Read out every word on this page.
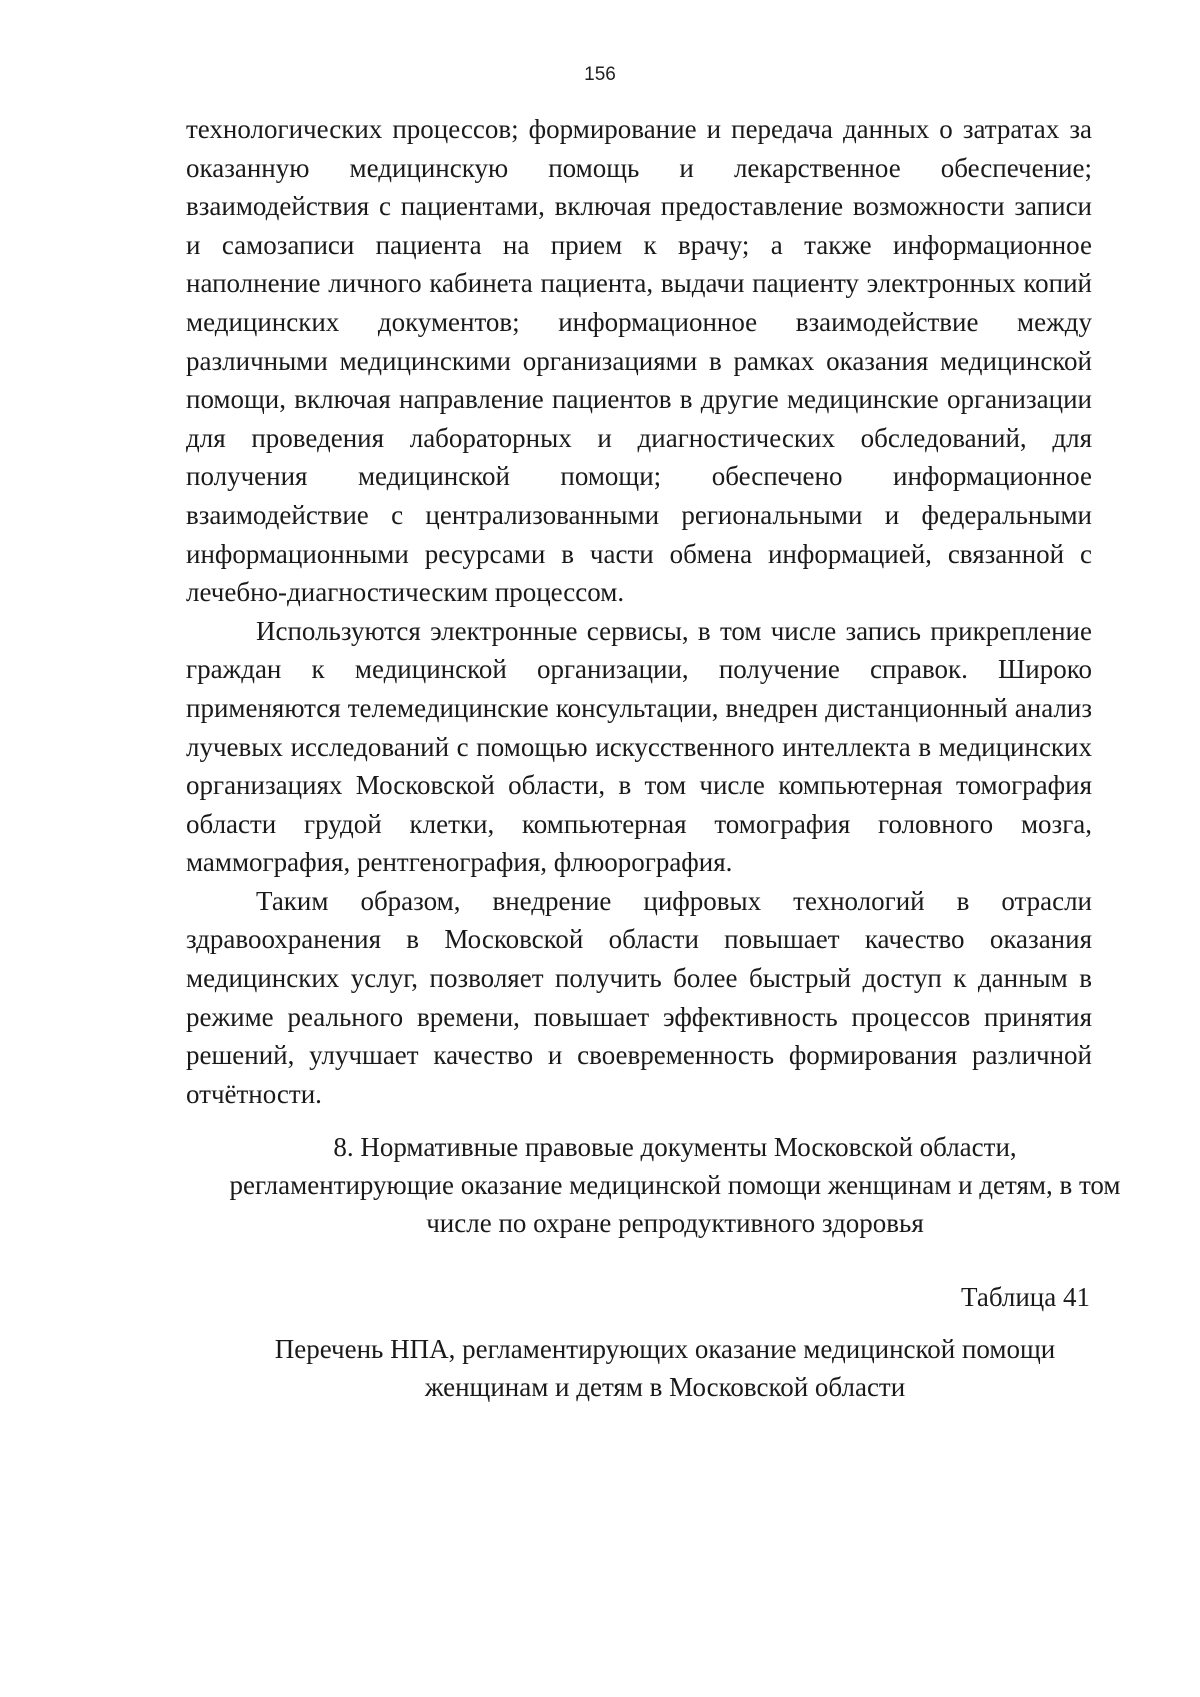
156

технологических процессов; формирование и передача данных о затратах за оказанную медицинскую помощь и лекарственное обеспечение; взаимодействия с пациентами, включая предоставление возможности записи и самозаписи пациента на прием к врачу; а также информационное наполнение личного кабинета пациента, выдачи пациенту электронных копий медицинских документов; информационное взаимодействие между различными медицинскими организациями в рамках оказания медицинской помощи, включая направление пациентов в другие медицинские организации для проведения лабораторных и диагностических обследований, для получения медицинской помощи; обеспечено информационное взаимодействие с централизованными региональными и федеральными информационными ресурсами в части обмена информацией, связанной с лечебно-диагностическим процессом.

Используются электронные сервисы, в том числе запись прикрепление граждан к медицинской организации, получение справок. Широко применяются телемедицинские консультации, внедрен дистанционный анализ лучевых исследований с помощью искусственного интеллекта в медицинских организациях Московской области, в том числе компьютерная томография области грудой клетки, компьютерная томография головного мозга, маммография, рентгенография, флюорография.

Таким образом, внедрение цифровых технологий в отрасли здравоохранения в Московской области повышает качество оказания медицинских услуг, позволяет получить более быстрый доступ к данным в режиме реального времени, повышает эффективность процессов принятия решений, улучшает качество и своевременность формирования различной отчётности.

8. Нормативные правовые документы Московской области, регламентирующие оказание медицинской помощи женщинам и детям, в том числе по охране репродуктивного здоровья
Таблица 41
Перечень НПА, регламентирующих оказание медицинской помощи женщинам и детям в Московской области
